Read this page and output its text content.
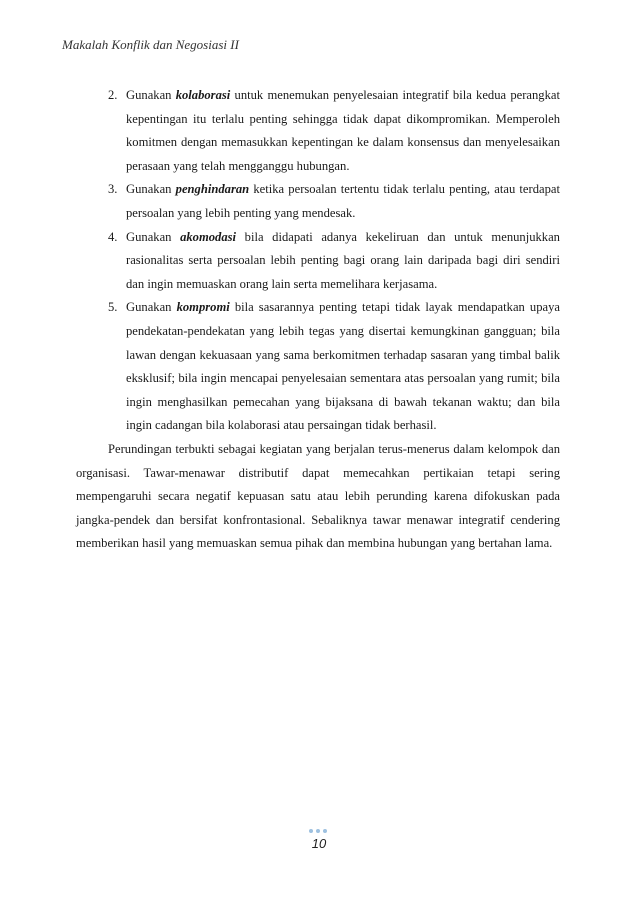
Makalah Konflik dan Negosiasi II
2. Gunakan kolaborasi untuk menemukan penyelesaian integratif bila kedua perangkat kepentingan itu terlalu penting sehingga tidak dapat dikompromikan. Memperoleh komitmen dengan memasukkan kepentingan ke dalam konsensus dan menyelesaikan perasaan yang telah mengganggu hubungan.
3. Gunakan penghindaran ketika persoalan tertentu tidak terlalu penting, atau terdapat persoalan yang lebih penting yang mendesak.
4. Gunakan akomodasi bila didapati adanya kekeliruan dan untuk menunjukkan rasionalitas serta persoalan lebih penting bagi orang lain daripada bagi diri sendiri dan ingin memuaskan orang lain serta memelihara kerjasama.
5. Gunakan kompromi bila sasarannya penting tetapi tidak layak mendapatkan upaya pendekatan-pendekatan yang lebih tegas yang disertai kemungkinan gangguan; bila lawan dengan kekuasaan yang sama berkomitmen terhadap sasaran yang timbal balik eksklusif; bila ingin mencapai penyelesaian sementara atas persoalan yang rumit; bila ingin menghasilkan pemecahan yang bijaksana di bawah tekanan waktu; dan bila ingin cadangan bila kolaborasi atau persaingan tidak berhasil.

Perundingan terbukti sebagai kegiatan yang berjalan terus-menerus dalam kelompok dan organisasi. Tawar-menawar distributif dapat memecahkan pertikaian tetapi sering mempengaruhi secara negatif kepuasan satu atau lebih perunding karena difokuskan pada jangka-pendek dan bersifat konfrontasional. Sebaliknya tawar menawar integratif cendering memberikan hasil yang memuaskan semua pihak dan membina hubungan yang bertahan lama.

10
